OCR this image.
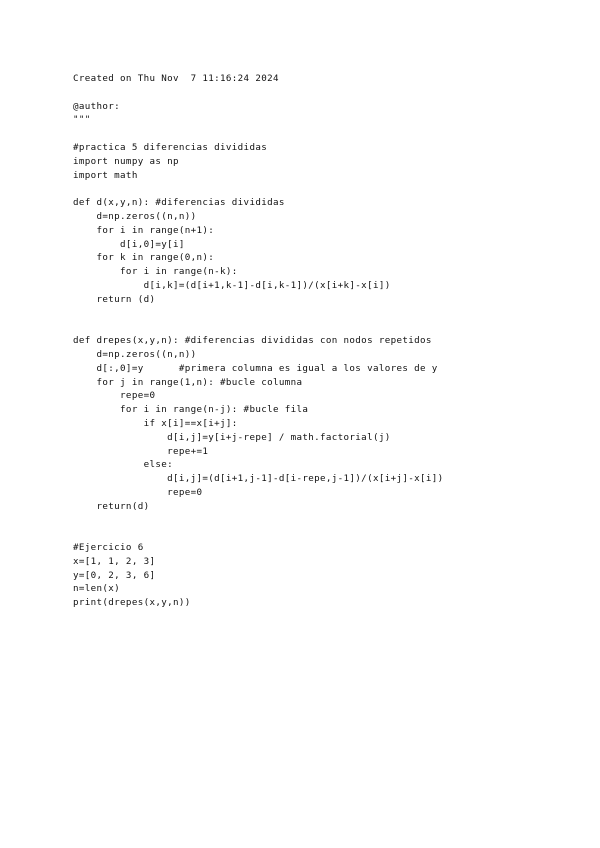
Created on Thu Nov  7 11:16:24 2024
@author:
"""
#practica 5 diferencias divididas
import numpy as np
import math
def d(x,y,n): #diferencias divididas
d=np.zeros((n,n))
for i in range(n+1):
d[i,0]=y[i]
for k in range(0,n):
for i in range(n-k):
d[i,k]=(d[i+1,k-1]-d[i,k-1])/(x[i+k]-x[i])
return (d)
def drepes(x,y,n): #diferencias divididas con nodos repetidos
d=np.zeros((n,n))
d[:,0]=y      #primera columna es igual a los valores de y
for j in range(1,n): #bucle columna
repe=0
for i in range(n-j): #bucle fila
if x[i]==x[i+j]:
d[i,j]=y[i+j-repe] / math.factorial(j)
repe+=1
else:
d[i,j]=(d[i+1,j-1]-d[i-repe,j-1])/(x[i+j]-x[i])
repe=0
return(d)
#Ejercicio 6
x=[1, 1, 2, 3]
y=[0, 2, 3, 6]
n=len(x)
print(drepes(x,y,n))
